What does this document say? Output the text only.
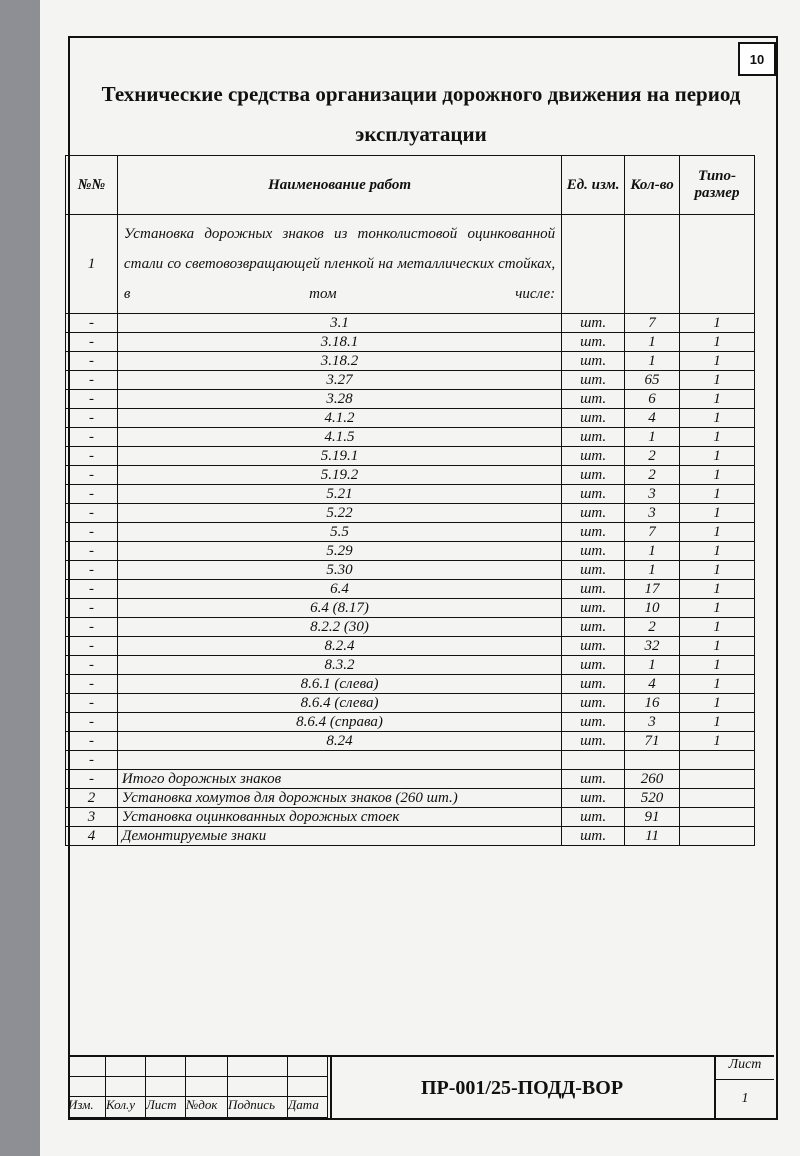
10
Технические средства организации дорожного движения на период
эксплуатации
№№	Наименование работ	Ед. изм.	Кол-во	Типо-размер
1	Установка дорожных знаков из тонколистовой оцинкованной стали со световозвращающей пленкой на металлических стойках, в том числе:			
-	3.1	шт.	7	1
-	3.18.1	шт.	1	1
-	3.18.2	шт.	1	1
-	3.27	шт.	65	1
-	3.28	шт.	6	1
-	4.1.2	шт.	4	1
-	4.1.5	шт.	1	1
-	5.19.1	шт.	2	1
-	5.19.2	шт.	2	1
-	5.21	шт.	3	1
-	5.22	шт.	3	1
-	5.5	шт.	7	1
-	5.29	шт.	1	1
-	5.30	шт.	1	1
-	6.4	шт.	17	1
-	6.4 (8.17)	шт.	10	1
-	8.2.2 (30)	шт.	2	1
-	8.2.4	шт.	32	1
-	8.3.2	шт.	1	1
-	8.6.1 (слева)	шт.	4	1
-	8.6.4 (слева)	шт.	16	1
-	8.6.4 (справа)	шт.	3	1
-	8.24	шт.	71	1
-				
-	Итого дорожных знаков	шт.	260	
2	Установка хомутов для дорожных знаков (260 шт.)	шт.	520	
3	Установка оцинкованных дорожных стоек	шт.	91	
4	Демонтируемые знаки	шт.	11	
Изм. Кол.у Лист №док Подпись	Дата
ПР-001/25-ПОДД-ВОР
Лист
1
